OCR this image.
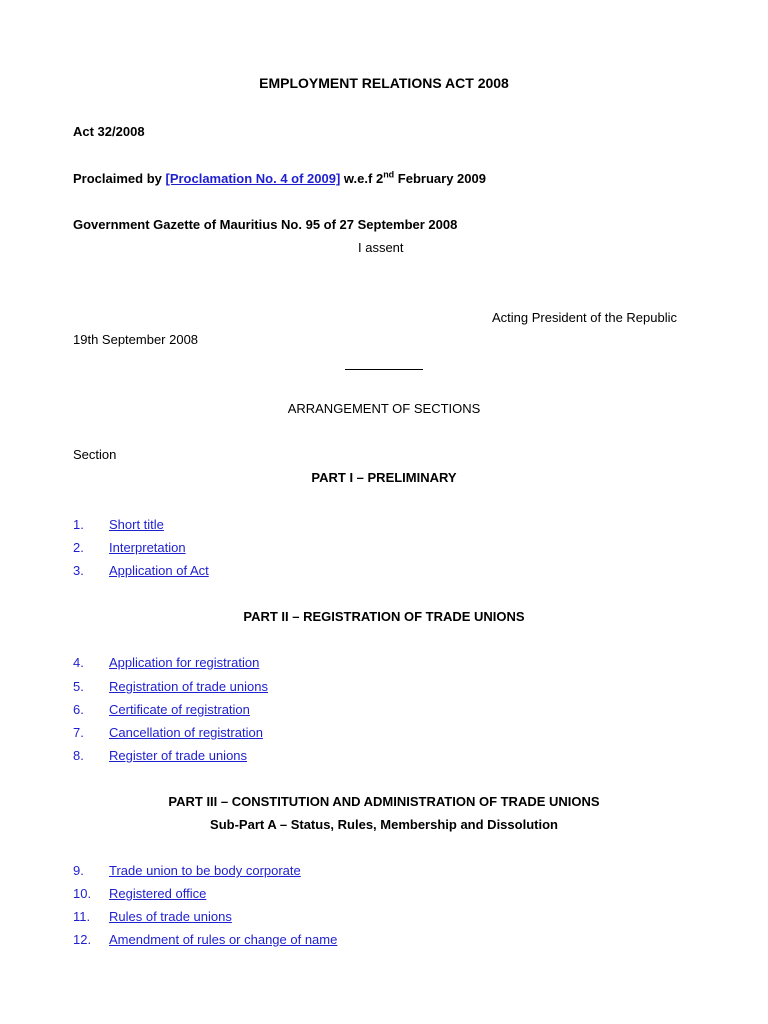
EMPLOYMENT RELATIONS ACT 2008
Act 32/2008
Proclaimed by [Proclamation No. 4 of 2009] w.e.f 2nd February 2009
Government Gazette of Mauritius No. 95 of 27 September 2008
I assent
Acting President of the Republic
19th September 2008
ARRANGEMENT OF SECTIONS
Section
PART I – PRELIMINARY
1. Short title
2. Interpretation
3. Application of Act
PART II – REGISTRATION OF TRADE UNIONS
4. Application for registration
5. Registration of trade unions
6. Certificate of registration
7. Cancellation of registration
8. Register of trade unions
PART III – CONSTITUTION AND ADMINISTRATION OF TRADE UNIONS
Sub-Part A – Status, Rules, Membership and Dissolution
9. Trade union to be body corporate
10. Registered office
11. Rules of trade unions
12. Amendment of rules or change of name
